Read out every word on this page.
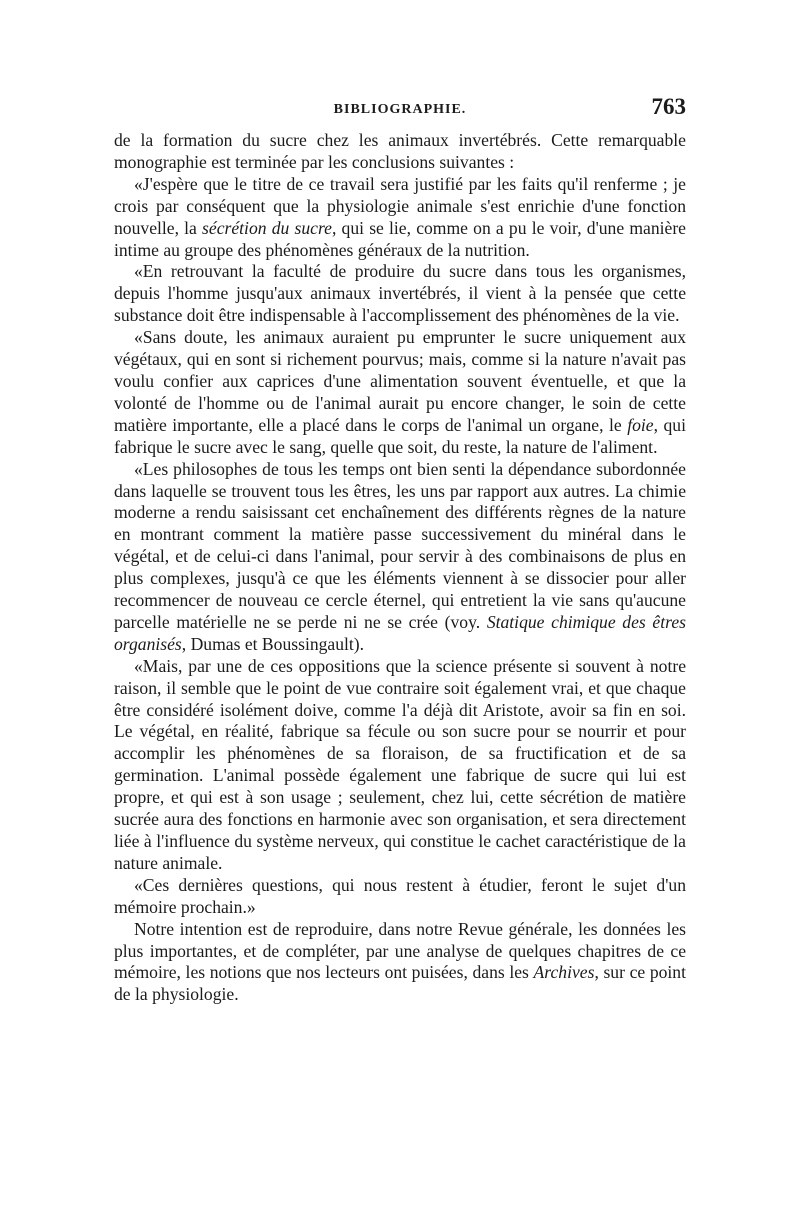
BIBLIOGRAPHIE.	763

de la formation du sucre chez les animaux invertébrés. Cette remarquable monographie est terminée par les conclusions suivantes :

«J'espère que le titre de ce travail sera justifié par les faits qu'il renferme ; je crois par conséquent que la physiologie animale s'est enrichie d'une fonction nouvelle, la sécrétion du sucre, qui se lie, comme on a pu le voir, d'une manière intime au groupe des phénomènes généraux de la nutrition.

«En retrouvant la faculté de produire du sucre dans tous les organismes, depuis l'homme jusqu'aux animaux invertébrés, il vient à la pensée que cette substance doit être indispensable à l'accomplissement des phénomènes de la vie.

«Sans doute, les animaux auraient pu emprunter le sucre uniquement aux végétaux, qui en sont si richement pourvus; mais, comme si la nature n'avait pas voulu confier aux caprices d'une alimentation souvent éventuelle, et que la volonté de l'homme ou de l'animal aurait pu encore changer, le soin de cette matière importante, elle a placé dans le corps de l'animal un organe, le foie, qui fabrique le sucre avec le sang, quelle que soit, du reste, la nature de l'aliment.

«Les philosophes de tous les temps ont bien senti la dépendance subordonnée dans laquelle se trouvent tous les êtres, les uns par rapport aux autres. La chimie moderne a rendu saisissant cet enchaînement des différents règnes de la nature en montrant comment la matière passe successivement du minéral dans le végétal, et de celui-ci dans l'animal, pour servir à des combinaisons de plus en plus complexes, jusqu'à ce que les éléments viennent à se dissocier pour aller recommencer de nouveau ce cercle éternel, qui entretient la vie sans qu'aucune parcelle matérielle ne se perde ni ne se crée (voy. Statique chimique des êtres organisés, Dumas et Boussingault).

«Mais, par une de ces oppositions que la science présente si souvent à notre raison, il semble que le point de vue contraire soit également vrai, et que chaque être considéré isolément doive, comme l'a déjà dit Aristote, avoir sa fin en soi. Le végétal, en réalité, fabrique sa fécule ou son sucre pour se nourrir et pour accomplir les phénomènes de sa floraison, de sa fructification et de sa germination. L'animal possède également une fabrique de sucre qui lui est propre, et qui est à son usage ; seulement, chez lui, cette sécrétion de matière sucrée aura des fonctions en harmonie avec son organisation, et sera directement liée à l'influence du système nerveux, qui constitue le cachet caractéristique de la nature animale.

«Ces dernières questions, qui nous restent à étudier, feront le sujet d'un mémoire prochain.»

Notre intention est de reproduire, dans notre Revue générale, les données les plus importantes, et de compléter, par une analyse de quelques chapitres de ce mémoire, les notions que nos lecteurs ont puisées, dans les Archives, sur ce point de la physiologie.
